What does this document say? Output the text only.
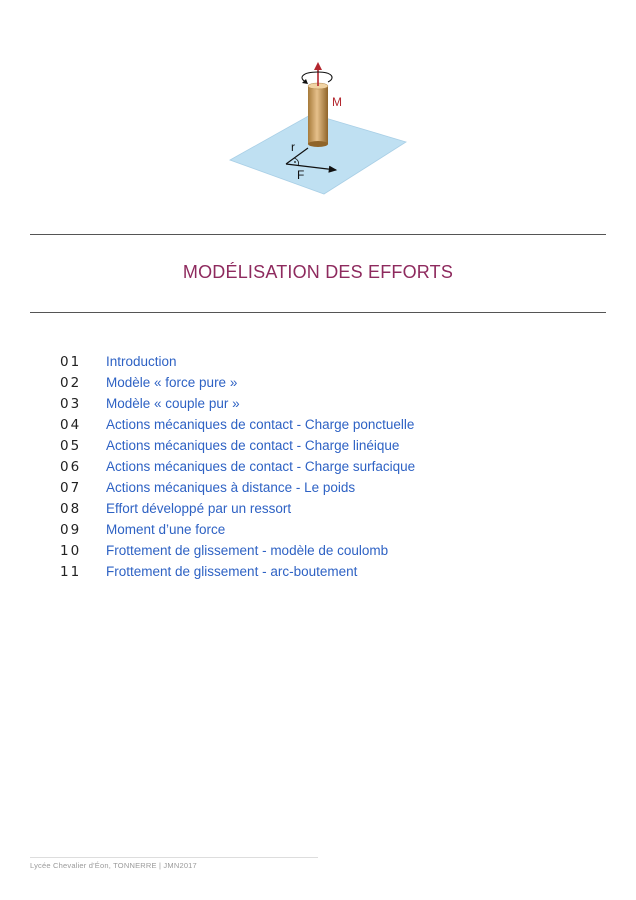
M
r
F
MODÉLISATION DES EFFORTS
01	Introduction
02	Modèle « force pure »
03	Modèle « couple pur »
04	Actions mécaniques de contact - Charge ponctuelle
05	Actions mécaniques de contact - Charge linéique
06	Actions mécaniques de contact - Charge surfacique
07	Actions mécaniques à distance - Le poids
08	Effort développé par un ressort
09	Moment d’une force
10	Frottement de glissement - modèle de coulomb
11	Frottement de glissement - arc-boutement
Lycée Chevalier d'Éon, TONNERRE | JMN2017
